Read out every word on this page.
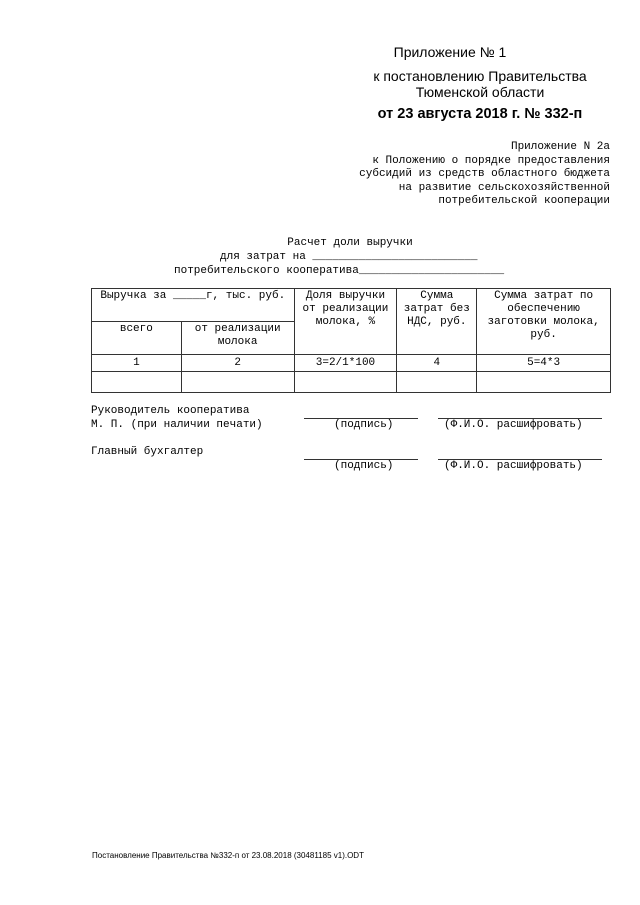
Приложение № 1
к постановлению Правительства
Тюменской области
от 23 августа 2018 г. № 332-п
Приложение N 2а
к Положению о порядке предоставления
субсидий из средств областного бюджета
на развитие сельскохозяйственной
потребительской кооперации
Расчет доли выручки
для затрат на _________________________
потребительского кооператива______________________
Выручка за _____г, тыс. руб.		Доля выручки от реализации молока, %	Сумма затрат без НДС, руб.	Сумма затрат по обеспечению заготовки молока, руб.
всего	от реализации молока			
1	2	3=2/1*100	4	5=4*3

Руководитель кооператива
М. П. (при наличии печати)	(подпись)	(Ф.И.О. расшифровать)
Главный бухгалтер
(подпись)	(Ф.И.О. расшифровать)
Постановление Правительства №332-п от 23.08.2018 (30481185 v1).ODT
